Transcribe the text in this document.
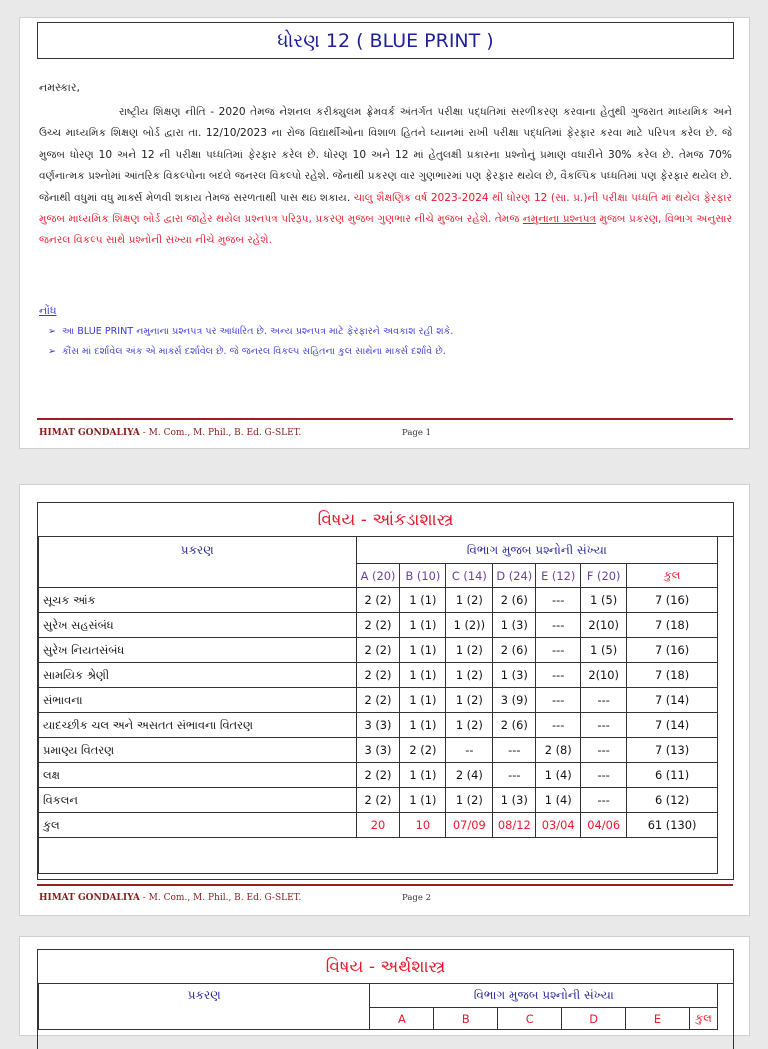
ધોરણ 12 ( BLUE PRINT )
નમસ્કાર,

રાષ્ટ્રીય શિક્ષણ નીતિ - 2020 તેમજ નેશનલ કરીક્યુલમ ફ્રેમવર્ક અંતર્ગત પરીક્ષા પદ્ધતિમાં સરળીકરણ કરવાના હેતુથી ગુજરાત માધ્યમિક અને ઉચ્ચ માધ્યમિક શિક્ષણ બોર્ડ દ્વારા તા. 12/10/2023 ના રોજ વિદ્યાર્થીઓના વિશાળ હિતને ધ્યાનમાં રાખી પરીક્ષા પદ્ધતિમાં ફેરફાર કરવા માટે પરિપત્ર કરેલ છે. જે મુજબ ધોરણ 10 અને 12 ની પરીક્ષા પધ્ધતિમાં ફેરફાર કરેલ છે. ધોરણ 10 અને 12 માં હેતુલક્ષી પ્રકારના પ્રશ્નોનું પ્રમાણ વધારીને 30% કરેલ છે. તેમજ 70% વર્ણનાત્મક પ્રશ્નોમાં આંતરિક વિકલ્પોના બદલે જનરલ વિકલ્પો રહેશે. જેનાથી પ્રકરણ વાર ગુણભારમાં પણ ફેરફાર થયેલ છે, વૈકલ્પિક પધ્ધતિમાં પણ ફેરફાર થયેલ છે. જેનાથી વધુમાં વધુ માર્ક્સ મેળવી શકાય તેમજ સરળતાથી પાસ થઇ શકાય. ચાલુ શૈક્ષણિક વર્ષ 2023-2024 થી ધોરણ 12 (સા. પ્ર.)ની પરીક્ષા પધ્ધતિ માં થયેલ ફેરફાર મુજબ માધ્યમિક શિક્ષણ બોર્ડ દ્વારા જાહેર થયેલ પ્રશ્નપત્ર પરિરૂપ, પ્રકરણ મુજબ ગુણભાર નીચે મુજબ રહેશે. તેમજ નમુનાના પ્રશ્નપત્ર મુજબ પ્રકરણ, વિભાગ અનુસાર જનરલ વિકલ્પ સાથે પ્રશ્નોની સંખ્યા નીચે મુજબ રહેશે.

નોંધ
➢ આ BLUE PRINT નમુનાના પ્રશ્નપત્ર પર આધારિત છે. અન્ય પ્રશ્નપત્ર માટે ફેરફારને અવકાશ રહી શકે.
➢ કૌંસ માં દર્શાવેલ અંક એ માર્ક્સ દર્શાવેલ છે. જે જનરલ વિકલ્પ સહિતના કુલ સાથેના માર્ક્સ દર્શાવે છે.
HIMAT GONDALIYA - M. Com., M. Phil., B. Ed. G-SLET.	Page 1
વિષય - આંકડાશાસ્ત્ર
પ્રકરણ	વિભાગ મુજબ પ્રશ્નોની સંખ્યા						
	A (20)	B (10)	C (14)	D (24)	E (12)	F (20)	કુલ
સૂચક આંક	2 (2)	1 (1)	1 (2)	2 (6)	---	1 (5)	7 (16)
સુરેખ સહસંબંધ	2 (2)	1 (1)	1 (2))	1 (3)	---	2(10)	7 (18)
સુરેખ નિયતસંબંધ	2 (2)	1 (1)	1 (2)	2 (6)	---	1 (5)	7 (16)
સામયિક શ્રેણી	2 (2)	1 (1)	1 (2)	1 (3)	---	2(10)	7 (18)
સંભાવના	2 (2)	1 (1)	1 (2)	3 (9)	---	---	7 (14)
યાદચ્છીક ચલ અને અસતત સંભાવના વિતરણ	3 (3)	1 (1)	1 (2)	2 (6)	---	---	7 (14)
પ્રમાણ્ય વિતરણ	3 (3)	2 (2)	--	---	2 (8)	---	7 (13)
લક્ષ	2 (2)	1 (1)	2 (4)	---	1 (4)	---	6 (11)
વિકલન	2 (2)	1 (1)	1 (2)	1 (3)	1 (4)	---	6 (12)
કુલ	20	10	07/09	08/12	03/04	04/06	61 (130)

HIMAT GONDALIYA - M. Com., M. Phil., B. Ed. G-SLET.	Page 2
વિષય - અર્થશાસ્ત્ર
પ્રકરણ	વિભાગ મુજબ પ્રશ્નોની સંખ્યા					
	A	B	C	D	E	કુલ
